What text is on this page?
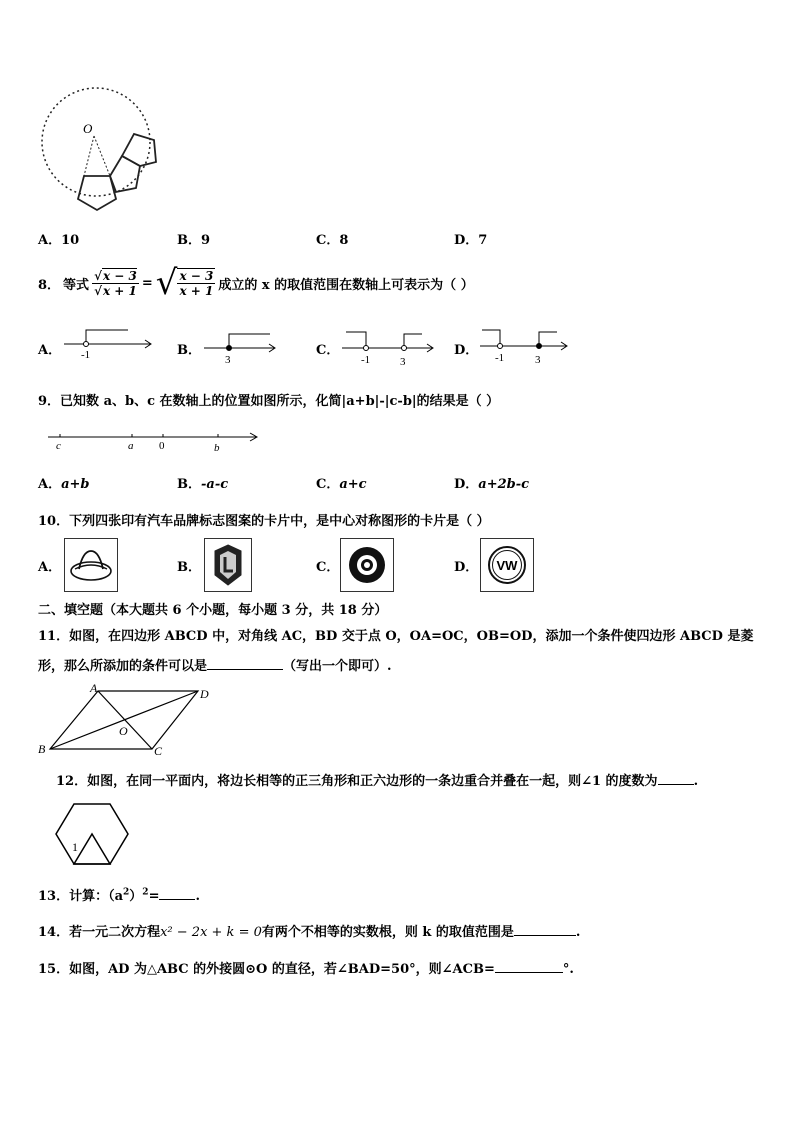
O
A．10	B．9	C．8	D．7
8． 等式 $\frac{√x - 3}{√x + 1}$ = √ $\frac{x - 3}{x + 1}$ 成立的 x 的取值范围在数轴上可表示为（ ）
A． -1	B．
3
C．
-1	3
D． -1	3
9．已知数 a、b、c 在数轴上的位置如图所示，化简|a+b|-|c-b|的结果是（ ）
c	a 0	b
A．a+b	B．-a-c	C．a+c	D．a+2b-c
10．下列四张印有汽车品牌标志图案的卡片中，是中心对称图形的卡片是（ ）
A．	B．	C．	D． VW
二、填空题（本大题共 6 个小题，每小题 3 分，共 18 分）
11．如图，在四边形 ABCD 中，对角线 AC，BD 交于点 O，OA=OC，OB=OD，添加一个条件使四边形 ABCD 是菱
形，那么所添加的条件可以是	（写出一个即可）.
A	D
B	C
O
12．如图，在同一平面内，将边长相等的正三角形和正六边形的一条边重合并叠在一起，则∠1 的度数为	.
1
13．计算：$(a^2)^2=$	.
14．若一元二次方程x² − 2x + k = 0有两个不相等的实数根，则 k 的取值范围是	.
15．如图，AD 为△ABC 的外接圆⊙O 的直径，若∠BAD=50°，则∠ACB=	°.
